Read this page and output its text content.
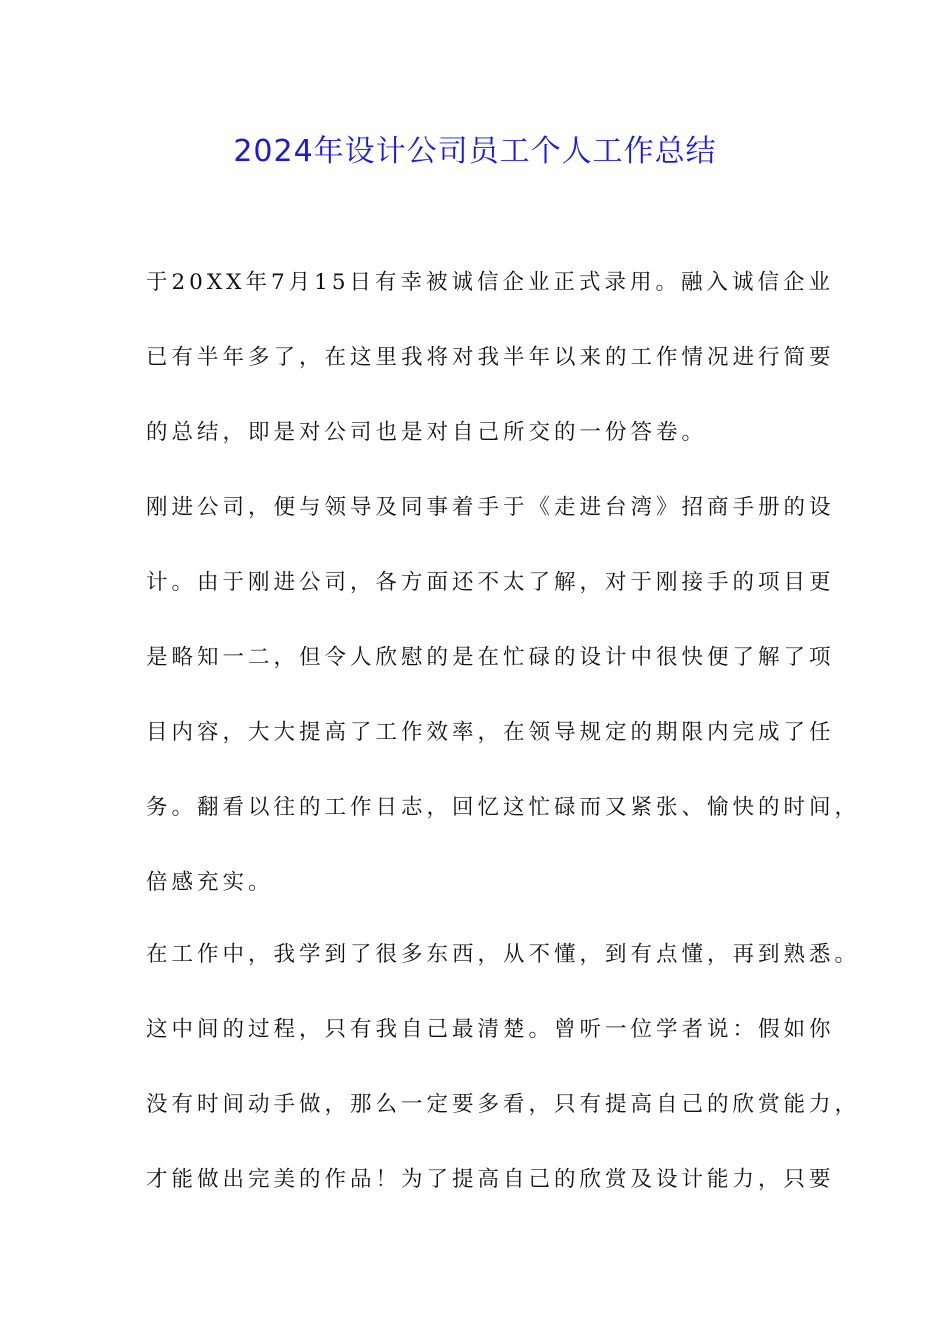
2024年设计公司员工个人工作总结
于20XX年7月15日有幸被诚信企业正式录用。融入诚信企业
已有半年多了，在这里我将对我半年以来的工作情况进行简要
的总结，即是对公司也是对自己所交的一份答卷。
刚进公司，便与领导及同事着手于《走进台湾》招商手册的设
计。由于刚进公司，各方面还不太了解，对于刚接手的项目更
是略知一二，但令人欣慰的是在忙碌的设计中很快便了解了项
目内容，大大提高了工作效率，在领导规定的期限内完成了任
务。翻看以往的工作日志，回忆这忙碌而又紧张、愉快的时间，
倍感充实。
在工作中，我学到了很多东西，从不懂，到有点懂，再到熟悉。
这中间的过程，只有我自己最清楚。曾听一位学者说：假如你
没有时间动手做，那么一定要多看，只有提高自己的欣赏能力，
才能做出完美的作品！为了提高自己的欣赏及设计能力，只要
